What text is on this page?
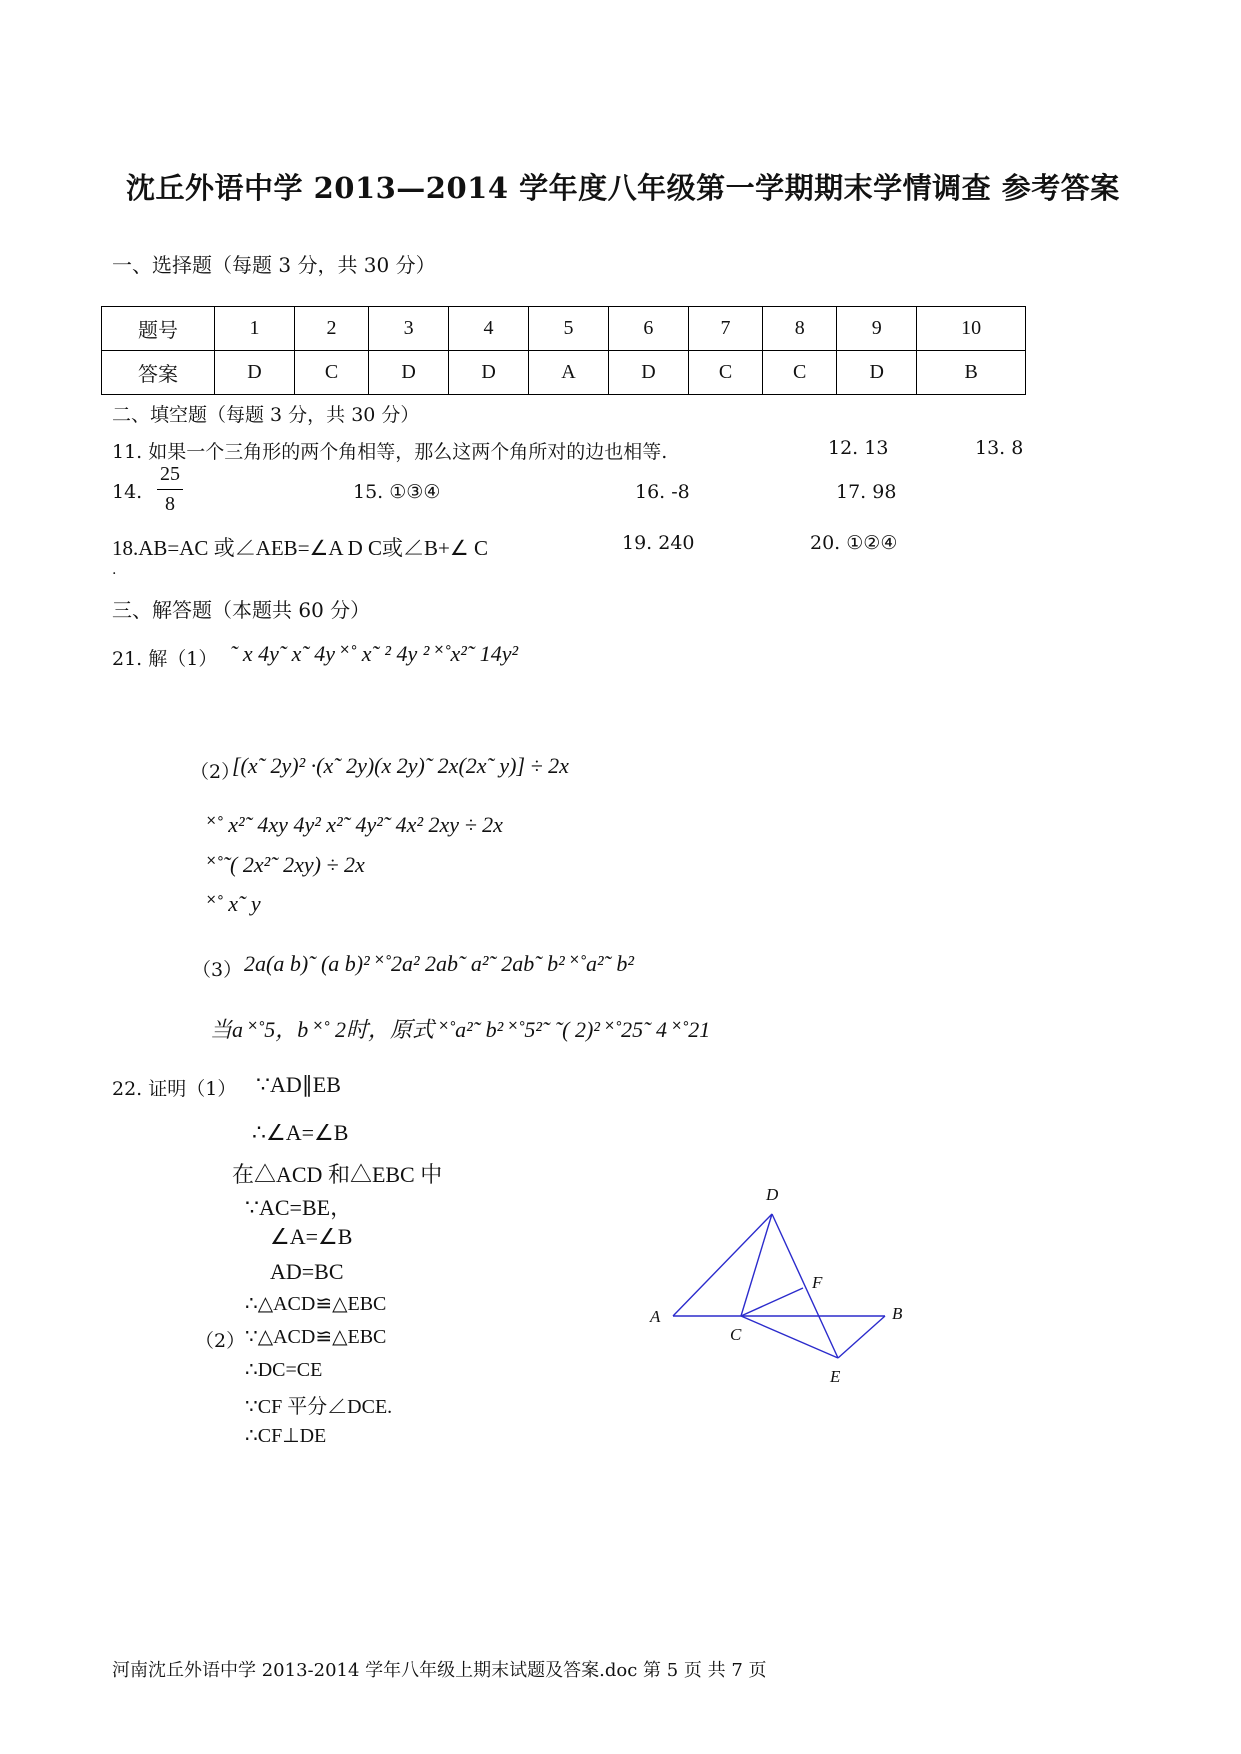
沈丘外语中学 2013—2014 学年度八年级第一学期期末学情调查 参考答案
一、选择题（每题 3 分，共 30 分）
题号	1	2	3	4	5	6	7	8	9	10
答案	D	C	D	D	A	D	C	C	D	B
二、填空题（每题 3 分，共 30 分）
11. 如果一个三角形的两个角相等，那么这两个角所对的边也相等.	12. 13	13. 8
14. $\frac{25}{8}$	15. ①③④	16. -8	17. 98
18.AB=AC 或∠AEB=∠A D C或∠B+∠ C	19. 240	20. ①②④
.
三、解答题（本题共 60 分）
21. 解（1） ˜ x 4y˜ x˜ 4y ˟˚ x˜ ² 4y ² ˟˚x²˜ 14y²
（2）
[(x˜ 2y)² ·(x˜ 2y)(x 2y)˜ 2x(2x˜ y)] ÷ 2x
˟˚ x²˜ 4xy 4y² x²˜ 4y²˜ 4x² 2xy ÷ 2x
˟˚˜( 2x²˜ 2xy) ÷ 2x
˟˚ x˜ y
（3） 2a(a b)˜ (a b)² ˟˚2a² 2ab˜ a²˜ 2ab˜ b² ˟˚a²˜ b²
当a ˟˚5，b ˟˚ 2时，原式 ˟˚a²˜ b² ˟˚5²˜ ˜( 2)² ˟˚25˜ 4 ˟˚21
22. 证明（1） ∵AD∥EB
∴∠A=∠B
在△ACD 和△EBC 中
∵AC=BE，
∠A=∠B
AD=BC
∴△ACD≌△EBC
（2） ∵△ACD≌△EBC
∴DC=CE
∵CF 平分∠DCE.
∴CF⊥DE
D
A
C
F
B
E
河南沈丘外语中学 2013-2014 学年八年级上期末试题及答案.doc 第 5 页 共 7 页
